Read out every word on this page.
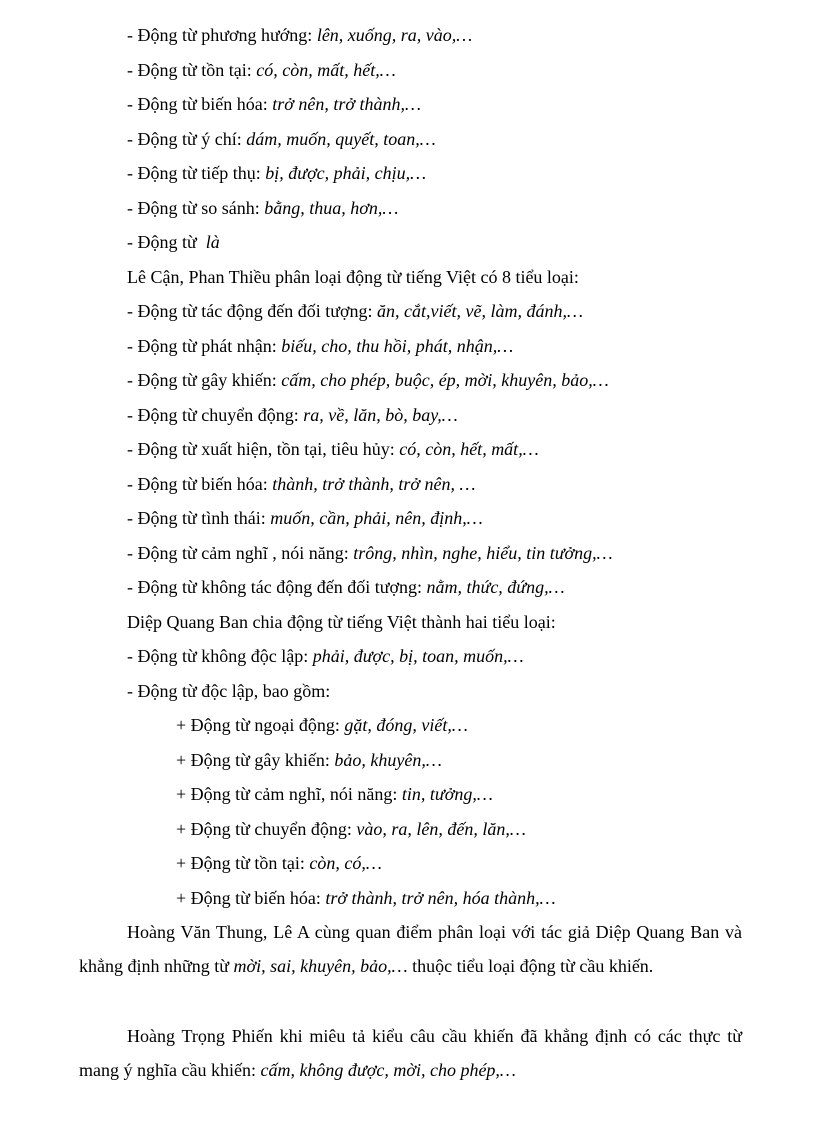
- Động từ phương hướng: lên, xuống, ra, vào,…
- Động từ tồn tại: có, còn, mất, hết,…
- Động từ biến hóa: trở nên, trở thành,…
- Động từ ý chí: dám, muốn, quyết, toan,…
- Động từ tiếp thụ: bị, được, phải, chịu,…
- Động từ so sánh: bằng, thua, hơn,…
- Động từ  là
Lê Cận, Phan Thiều phân loại động từ tiếng Việt có 8 tiểu loại:
- Động từ tác động đến đối tượng: ăn, cắt,viết, vẽ, làm, đánh,…
- Động từ phát nhận: biếu, cho, thu hồi, phát, nhận,…
- Động từ gây khiến: cấm, cho phép, buộc, ép, mời, khuyên, bảo,…
- Động từ chuyển động: ra, về, lăn, bò, bay,…
- Động từ xuất hiện, tồn tại, tiêu hủy: có, còn, hết, mất,…
- Động từ biến hóa: thành, trở thành, trở nên, …
- Động từ tình thái: muốn, cần, phải, nên, định,…
- Động từ cảm nghĩ , nói năng: trông, nhìn, nghe, hiểu, tin tưởng,…
- Động từ không tác động đến đối tượng: nằm, thức, đứng,…
Diệp Quang Ban chia động từ tiếng Việt thành hai tiểu loại:
- Động từ không độc lập: phải, được, bị, toan, muốn,…
- Động từ độc lập, bao gồm:
+ Động từ ngoại động: gặt, đóng, viết,…
+ Động từ gây khiến: bảo, khuyên,…
+ Động từ cảm nghĩ, nói năng: tin, tưởng,…
+ Động từ chuyển động: vào, ra, lên, đến, lăn,…
+ Động từ tồn tại: còn, có,…
+ Động từ biến hóa: trở thành, trở nên, hóa thành,…
Hoàng Văn Thung, Lê A cùng quan điểm phân loại với tác giả Diệp Quang Ban và khẳng định những từ mời, sai, khuyên, bảo,… thuộc tiểu loại động từ cầu khiến.
Hoàng Trọng Phiến khi miêu tả kiểu câu cầu khiến đã khẳng định có các thực từ mang ý nghĩa cầu khiến: cấm, không được, mời, cho phép,…
